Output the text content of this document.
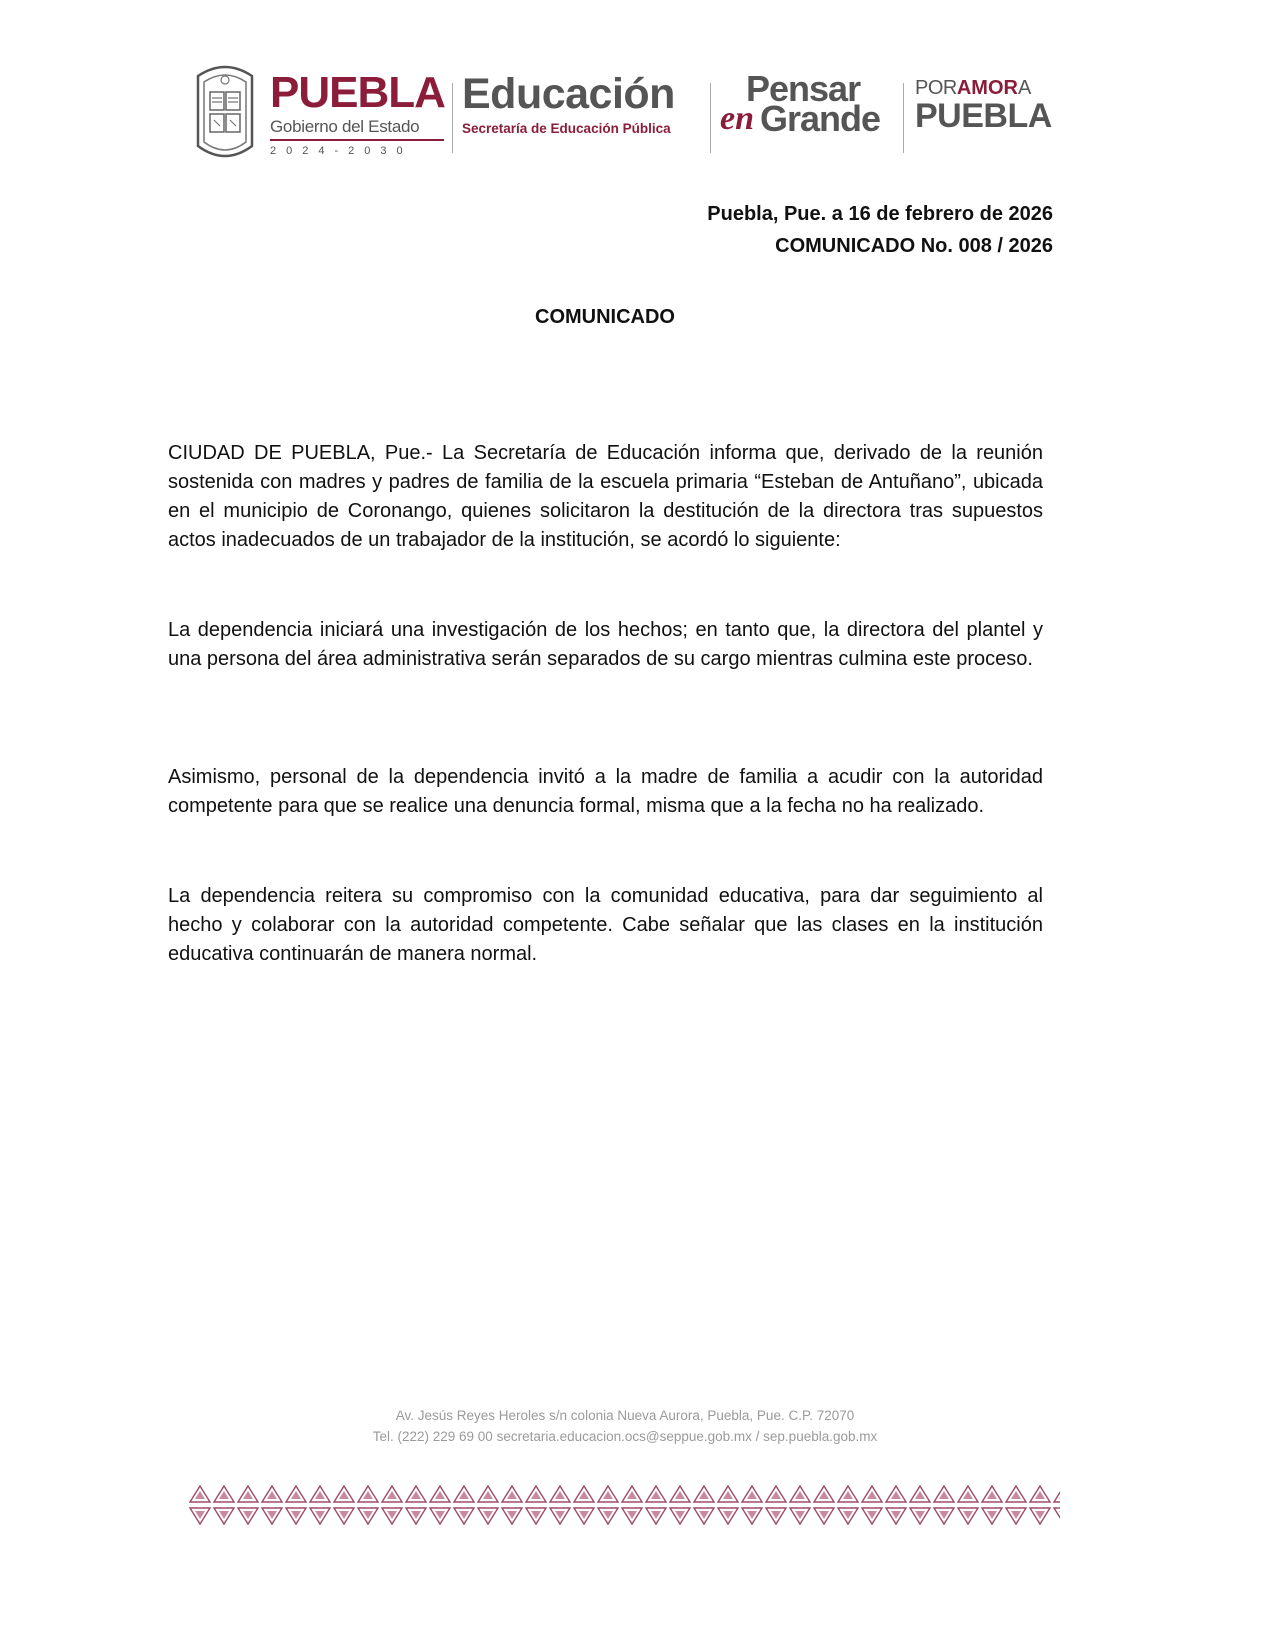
PUEBLA
Gobierno del Estado
2024-2030
Educación
Secretaría de Educación Pública
Pensar
en Grande
PORAMORA
PUEBLA
Puebla, Pue. a 16 de febrero de 2026
COMUNICADO No. 008 / 2026
COMUNICADO

CIUDAD DE PUEBLA, Pue.- La Secretaría de Educación informa que, derivado de la reunión sostenida con madres y padres de familia de la escuela primaria “Esteban de Antuñano”, ubicada en el municipio de Coronango, quienes solicitaron la destitución de la directora tras supuestos actos inadecuados de un trabajador de la institución, se acordó lo siguiente:

La dependencia iniciará una investigación de los hechos; en tanto que, la directora del plantel y una persona del área administrativa serán separados de su cargo mientras culmina este proceso.

Asimismo, personal de la dependencia invitó a la madre de familia a acudir con la autoridad competente para que se realice una denuncia formal, misma que a la fecha no ha realizado.

La dependencia reitera su compromiso con la comunidad educativa, para dar seguimiento al hecho y colaborar con la autoridad competente. Cabe señalar que las clases en la institución educativa continuarán de manera normal.

Av. Jesús Reyes Heroles s/n colonia Nueva Aurora, Puebla, Pue. C.P. 72070
Tel. (222) 229 69 00 secretaria.educacion.ocs@seppue.gob.mx / sep.puebla.gob.mx
